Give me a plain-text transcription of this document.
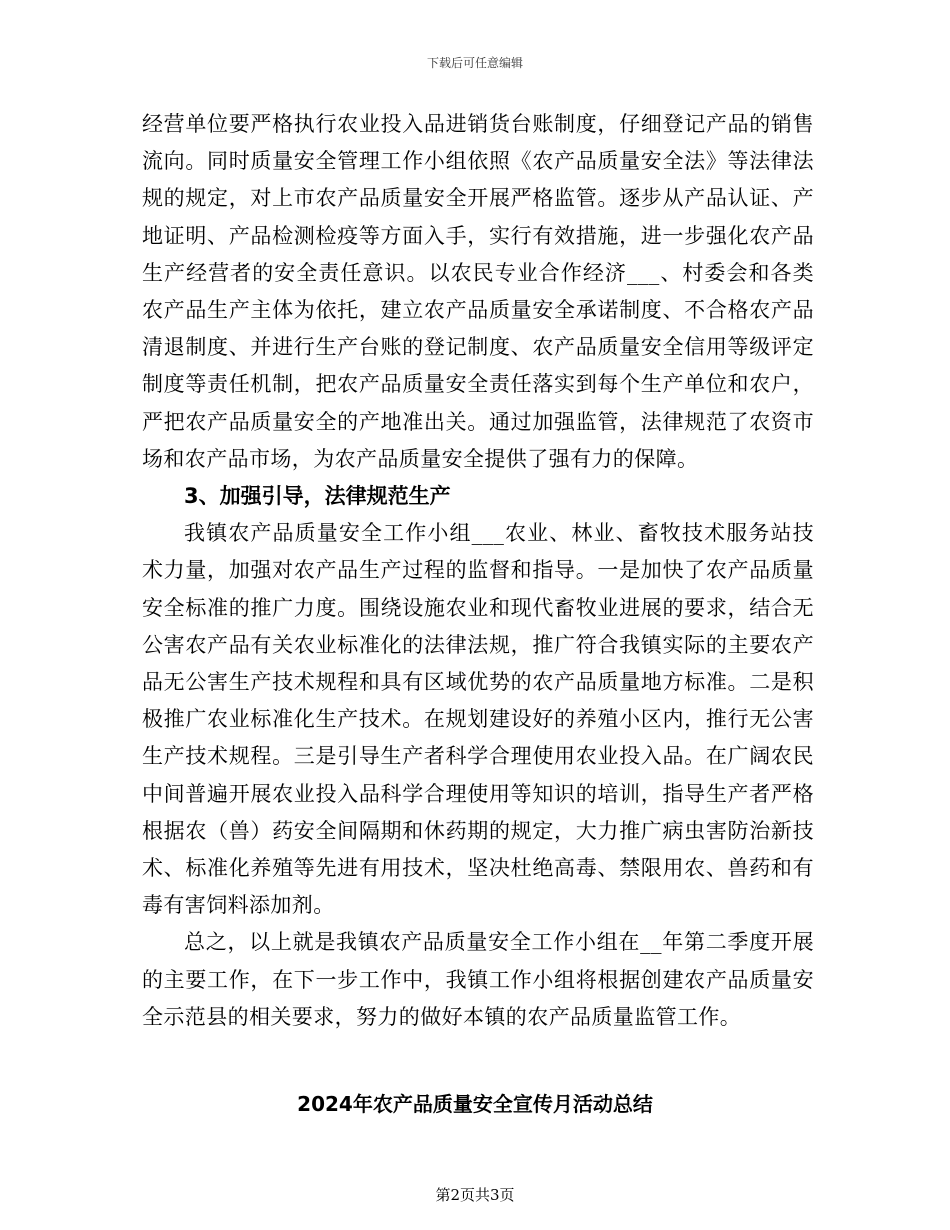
下载后可任意编辑

经营单位要严格执行农业投入品进销货台账制度，仔细登记产品的销售流向。同时质量安全管理工作小组依照《农产品质量安全法》等法律法规的规定，对上市农产品质量安全开展严格监管。逐步从产品认证、产地证明、产品检测检疫等方面入手，实行有效措施，进一步强化农产品生产经营者的安全责任意识。以农民专业合作经济___、村委会和各类农产品生产主体为依托，建立农产品质量安全承诺制度、不合格农产品清退制度、并进行生产台账的登记制度、农产品质量安全信用等级评定制度等责任机制，把农产品质量安全责任落实到每个生产单位和农户，严把农产品质量安全的产地准出关。通过加强监管，法律规范了农资市场和农产品市场，为农产品质量安全提供了强有力的保障。

3、加强引导，法律规范生产

我镇农产品质量安全工作小组___农业、林业、畜牧技术服务站技术力量，加强对农产品生产过程的监督和指导。一是加快了农产品质量安全标准的推广力度。围绕设施农业和现代畜牧业进展的要求，结合无公害农产品有关农业标准化的法律法规，推广符合我镇实际的主要农产品无公害生产技术规程和具有区域优势的农产品质量地方标准。二是积极推广农业标准化生产技术。在规划建设好的养殖小区内，推行无公害生产技术规程。三是引导生产者科学合理使用农业投入品。在广阔农民中间普遍开展农业投入品科学合理使用等知识的培训，指导生产者严格根据农（兽）药安全间隔期和休药期的规定，大力推广病虫害防治新技术、标准化养殖等先进有用技术，坚决杜绝高毒、禁限用农、兽药和有毒有害饲料添加剂。

总之，以上就是我镇农产品质量安全工作小组在__年第二季度开展的主要工作，在下一步工作中，我镇工作小组将根据创建农产品质量安全示范县的相关要求，努力的做好本镇的农产品质量监管工作。

2024年农产品质量安全宣传月活动总结
第2页共3页
